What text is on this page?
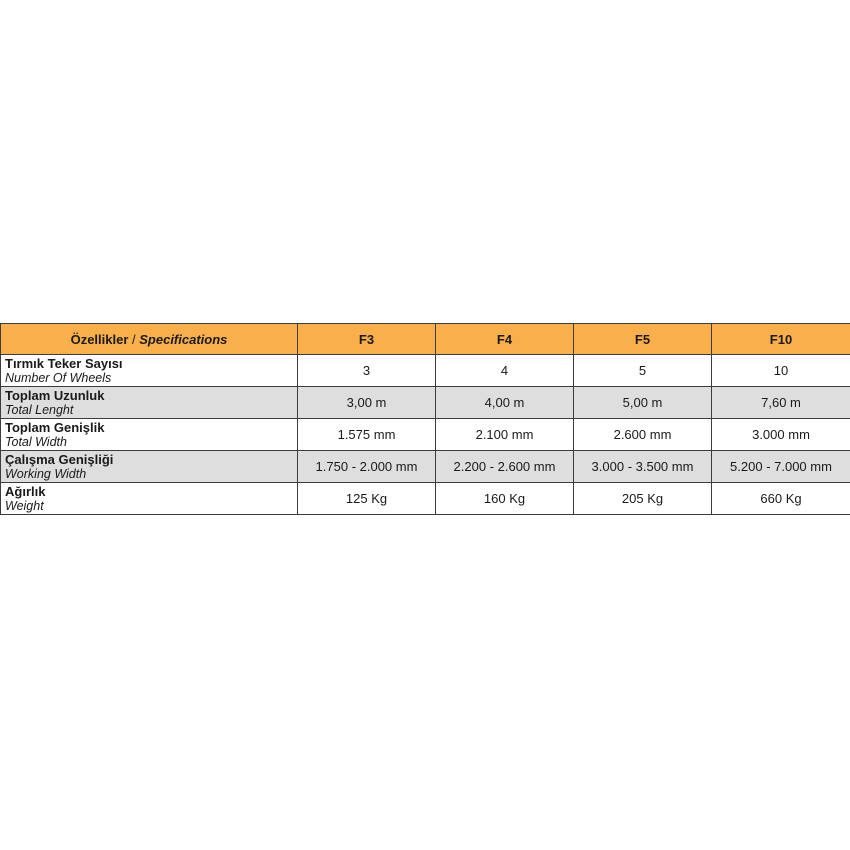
Özellikler / Specifications	F3	F4	F5	F10

Tırmık Teker Sayısı
Number Of Wheels	3	4	5	10

Toplam Uzunluk
Total Lenght	3,00 m	4,00 m	5,00 m	7,60 m

Toplam Genişlik
Total Width	1.575 mm	2.100 mm	2.600 mm	3.000 mm

Çalışma Genişliği
Working Width	1.750 - 2.000 mm	2.200 - 2.600 mm	3.000 - 3.500 mm	5.200 - 7.000 mm

Ağırlık
Weight	125 Kg	160 Kg	205 Kg	660 Kg
